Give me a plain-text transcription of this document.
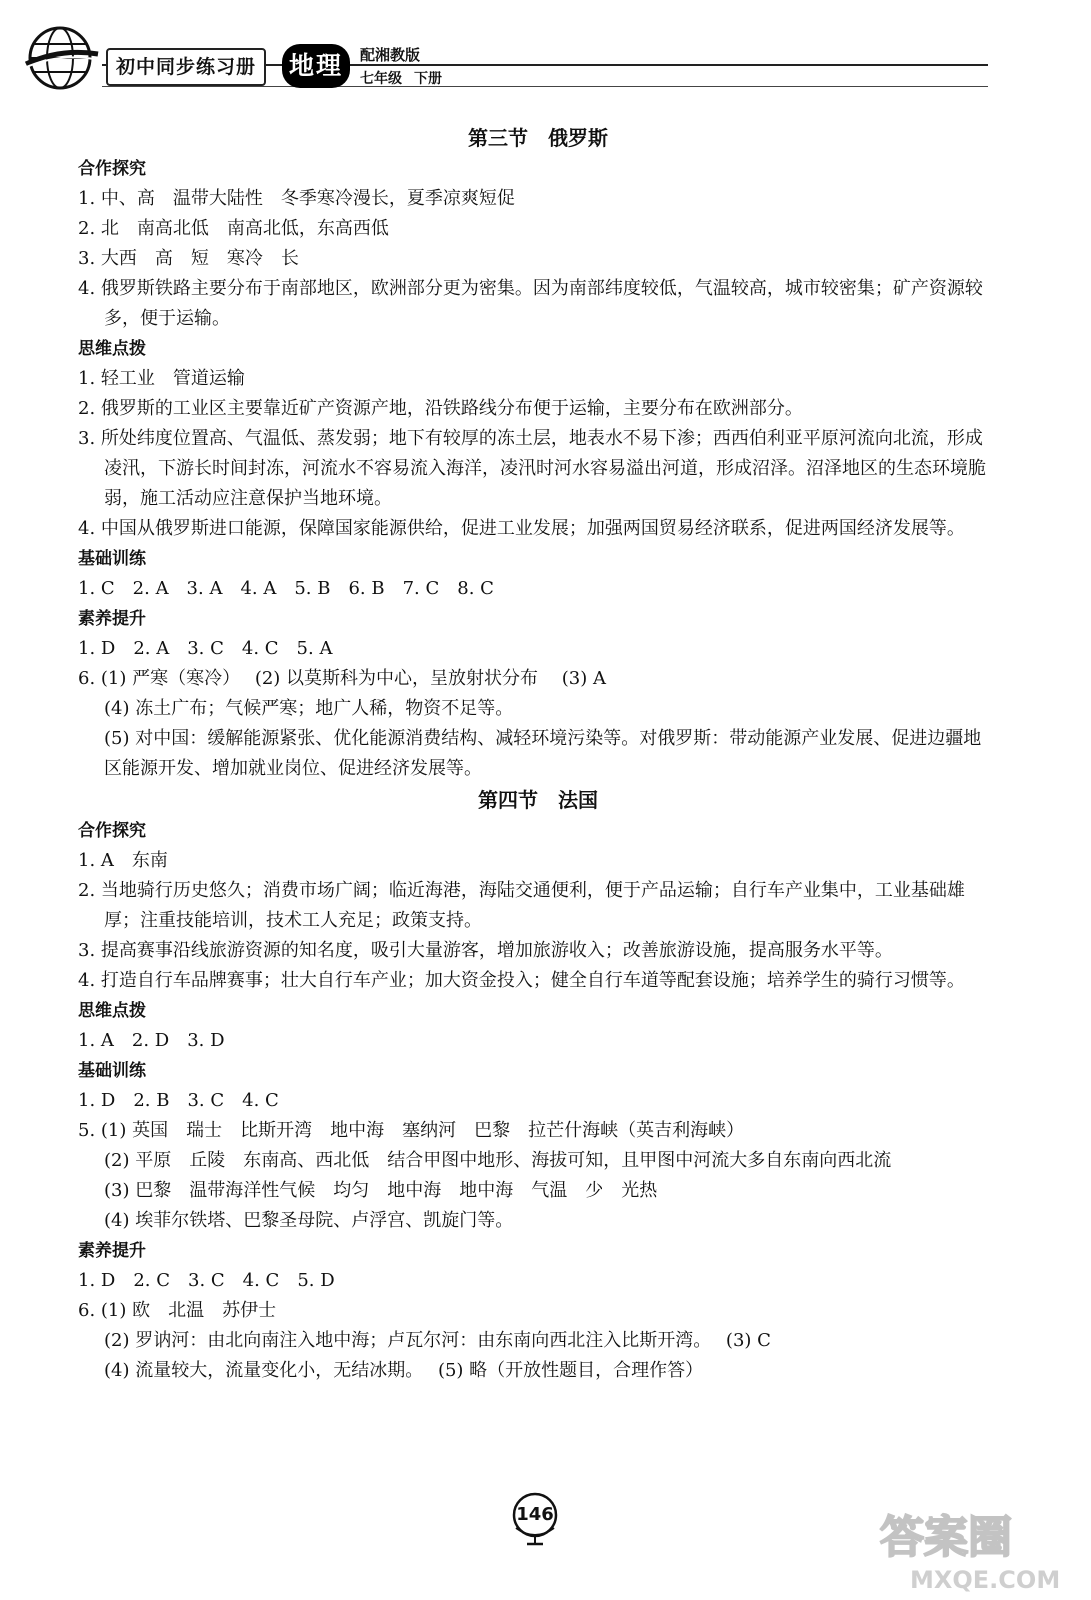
初中同步练习册	地理	配湘教版
七年级 下册
第三节　俄罗斯
合作探究
1. 中、高　温带大陆性　冬季寒冷漫长，夏季凉爽短促
2. 北　南高北低　南高北低，东高西低
3. 大西　高　短　寒冷　长
4. 俄罗斯铁路主要分布于南部地区，欧洲部分更为密集。因为南部纬度较低，气温较高，城市较密集；矿产资源较多，便于运输。
思维点拨
1. 轻工业　管道运输
2. 俄罗斯的工业区主要靠近矿产资源产地，沿铁路线分布便于运输，主要分布在欧洲部分。
3. 所处纬度位置高、气温低、蒸发弱；地下有较厚的冻土层，地表水不易下渗；西西伯利亚平原河流向北流，形成凌汛，下游长时间封冻，河流水不容易流入海洋，凌汛时河水容易溢出河道，形成沼泽。沼泽地区的生态环境脆弱，施工活动应注意保护当地环境。
4. 中国从俄罗斯进口能源，保障国家能源供给，促进工业发展；加强两国贸易经济联系，促进两国经济发展等。
基础训练
1. C　2. A　3. A　4. A　5. B　6. B　7. C　8. C
素养提升
1. D　2. A　3. C　4. C　5. A
6. (1) 严寒（寒冷）　 (2) 以莫斯科为中心，呈放射状分布　 (3) A
(4) 冻土广布；气候严寒；地广人稀，物资不足等。
(5) 对中国：缓解能源紧张、优化能源消费结构、减轻环境污染等。对俄罗斯：带动能源产业发展、促进边疆地区能源开发、增加就业岗位、促进经济发展等。
第四节　法国
合作探究
1. A　东南
2. 当地骑行历史悠久；消费市场广阔；临近海港，海陆交通便利，便于产品运输；自行车产业集中，工业基础雄厚；注重技能培训，技术工人充足；政策支持。
3. 提高赛事沿线旅游资源的知名度，吸引大量游客，增加旅游收入；改善旅游设施，提高服务水平等。
4. 打造自行车品牌赛事；壮大自行车产业；加大资金投入；健全自行车道等配套设施；培养学生的骑行习惯等。
思维点拨
1. A　2. D　3. D
基础训练
1. D　2. B　3. C　4. C
5. (1) 英国　瑞士　比斯开湾　地中海　塞纳河　巴黎　拉芒什海峡（英吉利海峡）
(2) 平原　丘陵　东南高、西北低　结合甲图中地形、海拔可知，且甲图中河流大多自东南向西北流
(3) 巴黎　温带海洋性气候　均匀　地中海　地中海　气温　少　光热
(4) 埃菲尔铁塔、巴黎圣母院、卢浮宫、凯旋门等。
素养提升
1. D　2. C　3. C　4. C　5. D
6. (1) 欧　北温　苏伊士
(2) 罗讷河：由北向南注入地中海；卢瓦尔河：由东南向西北注入比斯开湾。　 (3) C
(4) 流量较大，流量变化小，无结冰期。　 (5) 略（开放性题目，合理作答）
146	答案圈
MXQE.COM
